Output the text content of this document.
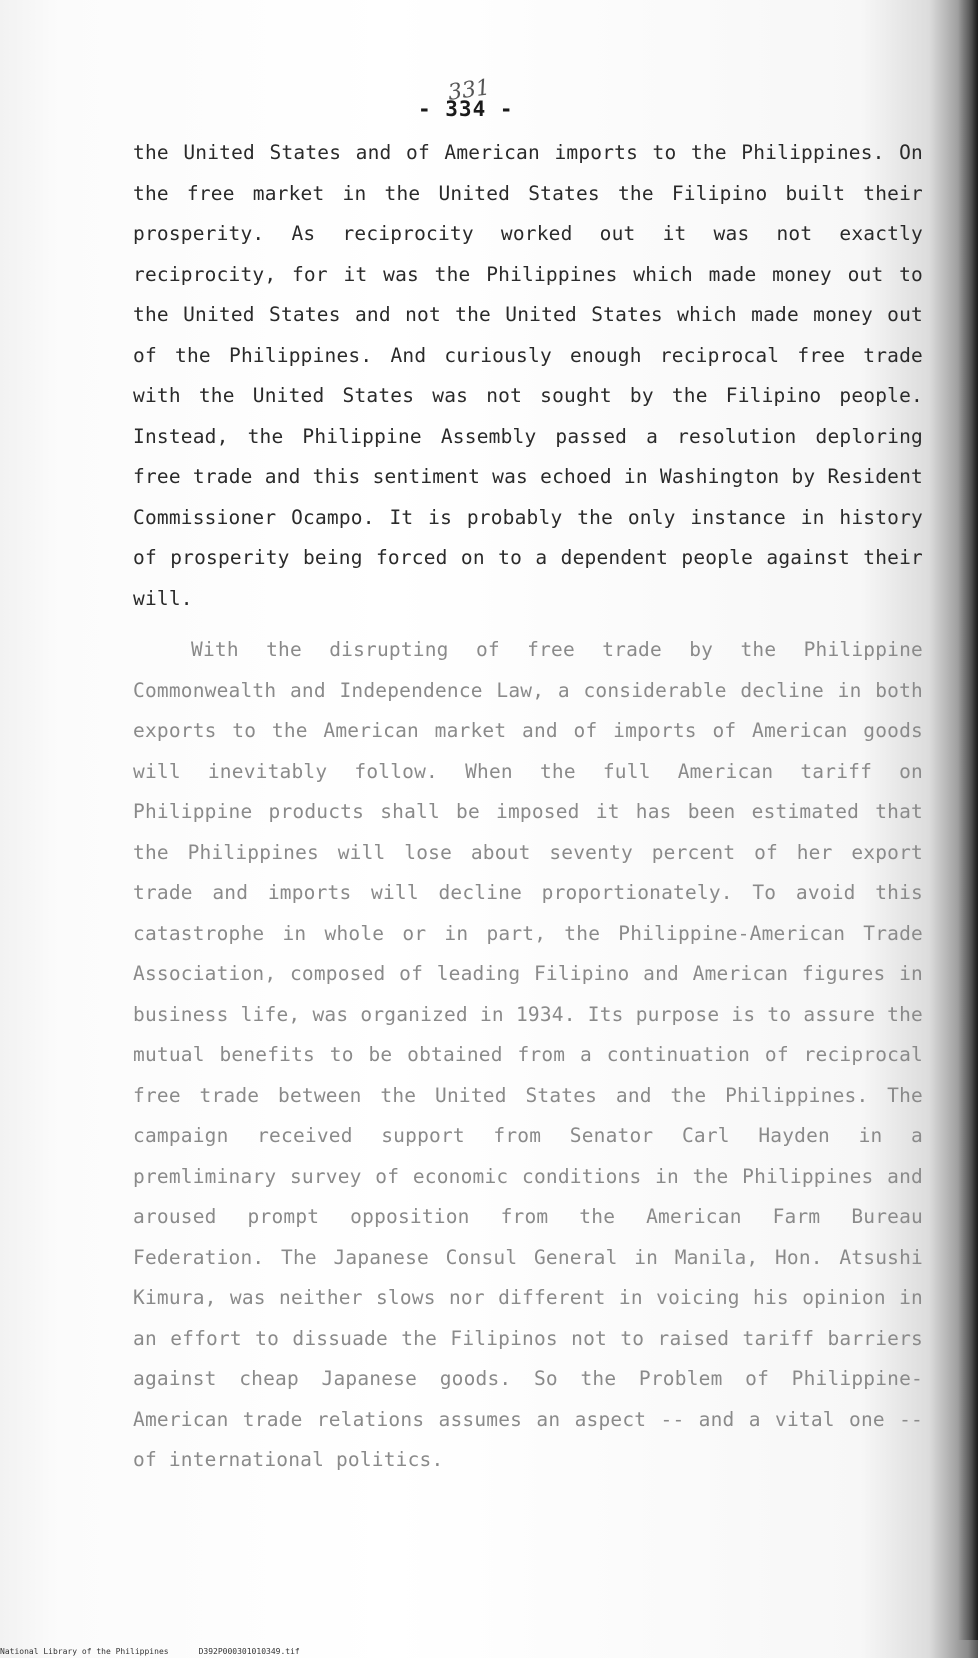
331
- 334 -

the United States and of American imports to the Philippines. On the free market in the United States the Filipino built their prosperity. As reciprocity worked out it was not exactly reciprocity, for it was the Philippines which made money out to the United States and not the United States which made money out of the Philippines. And curiously enough reciprocal free trade with the United States was not sought by the Filipino people. Instead, the Philippine Assembly passed a resolution deploring free trade and this sentiment was echoed in Washington by Resident Commissioner Ocampo. It is probably the only instance in history of prosperity being forced on to a dependent people against their will.

With the disrupting of free trade by the Philippine Commonwealth and Independence Law, a considerable decline in both exports to the American market and of imports of American goods will inevitably follow. When the full American tariff on Philippine products shall be imposed it has been estimated that the Philippines will lose about seventy percent of her export trade and imports will decline proportionately. To avoid this catastrophe in whole or in part, the Philippine-American Trade Association, composed of leading Filipino and American figures in business life, was organized in 1934. Its purpose is to assure the mutual benefits to be obtained from a continuation of reciprocal free trade between the United States and the Philippines. The campaign received support from Senator Carl Hayden in a premliminary survey of economic conditions in the Philippines and aroused prompt opposition from the American Farm Bureau Federation. The Japanese Consul General in Manila, Hon. Atsushi Kimura, was neither slows nor different in voicing his opinion in an effort to dissuade the Filipinos not to raised tariff barriers against cheap Japanese goods. So the Problem of Philippine-American trade relations assumes an aspect -- and a vital one -- of international politics.

National Library of the Philippines	D392P000301010349.tif
